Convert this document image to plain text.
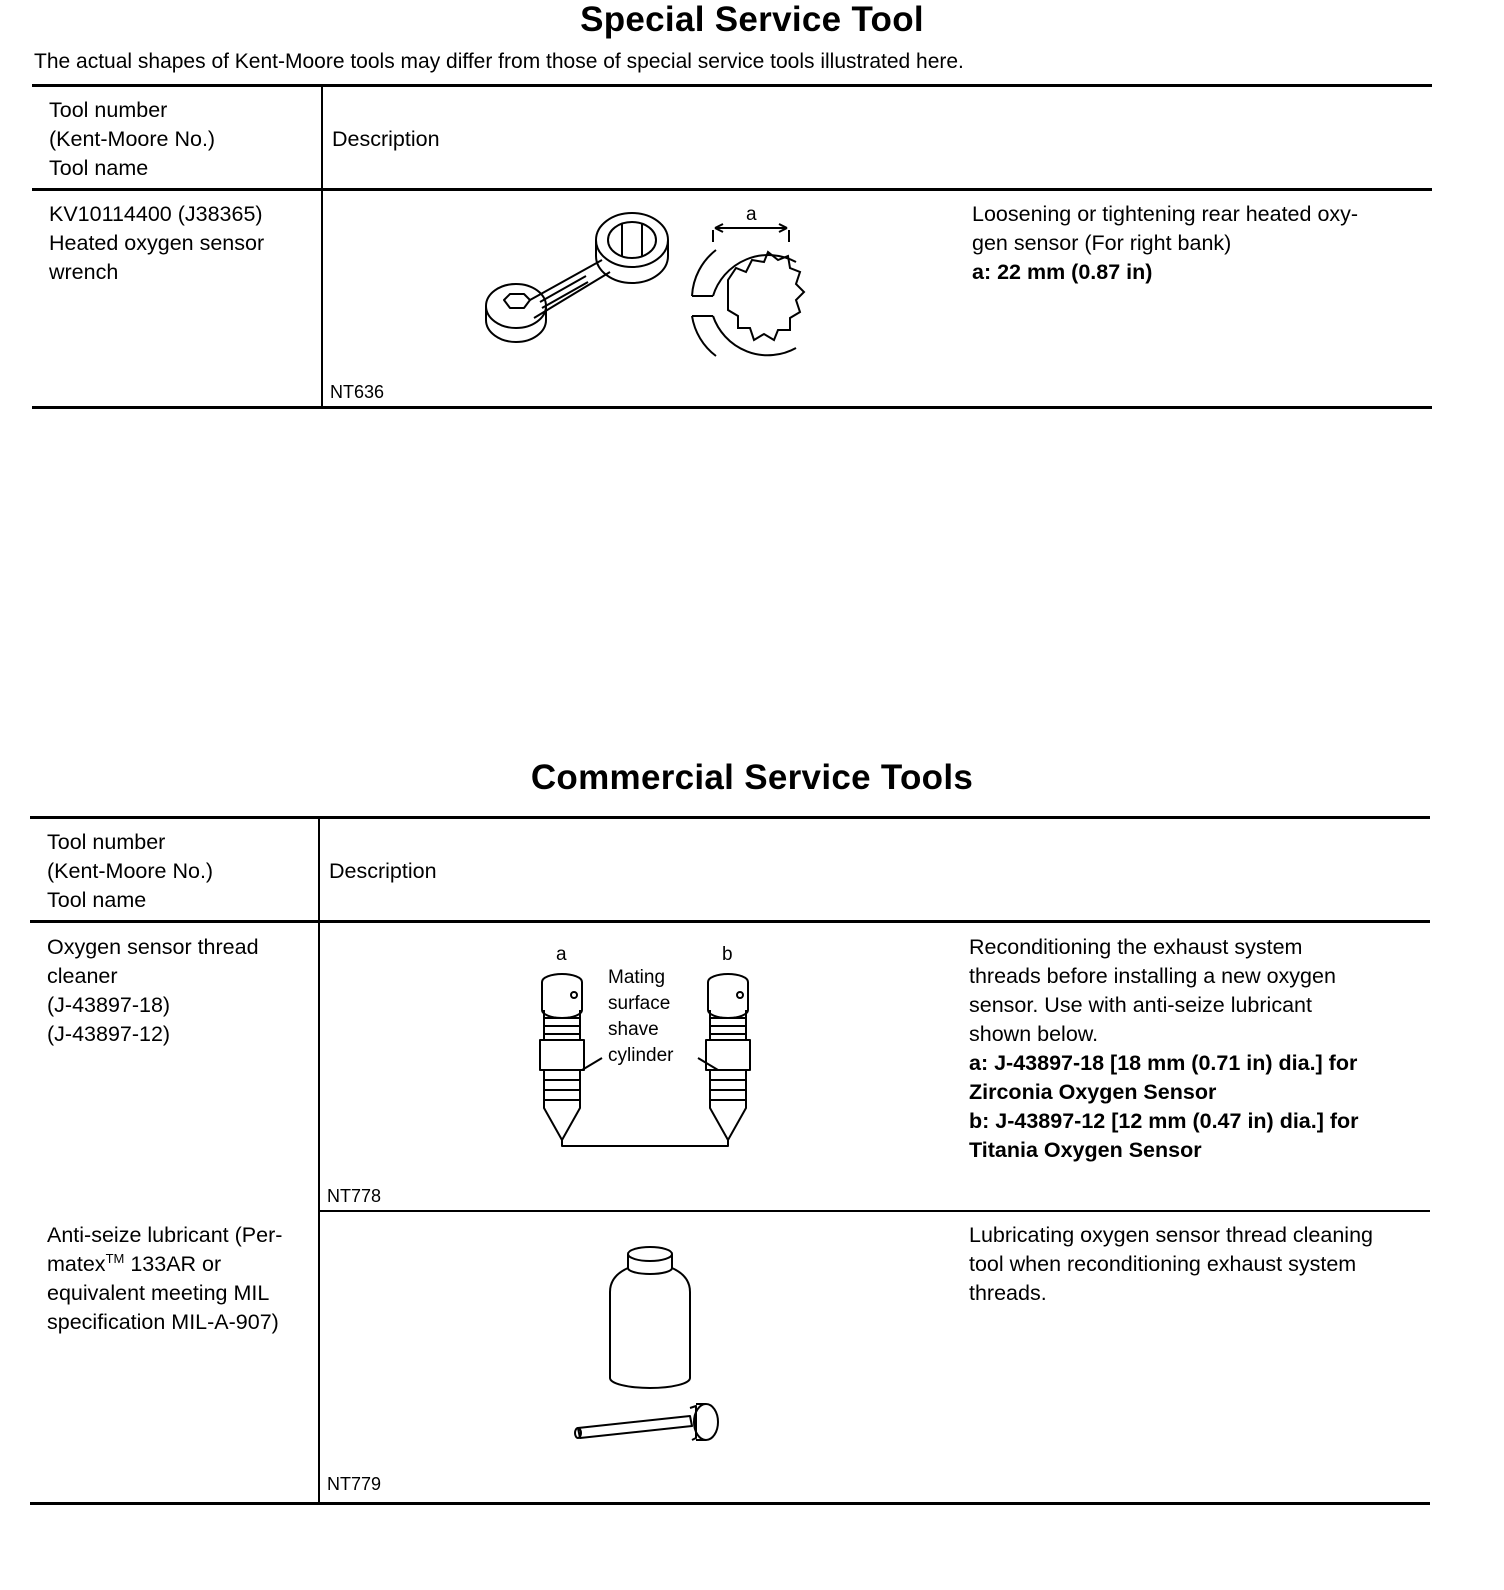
Special Service Tool
The actual shapes of Kent-Moore tools may differ from those of special service tools illustrated here.
Tool number
(Kent-Moore No.)
Tool name
Description
KV10114400 (J38365)
Heated oxygen sensor
wrench
a
NT636
Loosening or tightening rear heated oxy-
gen sensor (For right bank)
a: 22 mm (0.87 in)
Commercial Service Tools
Tool number
(Kent-Moore No.)
Tool name
Description
Oxygen sensor thread
cleaner
(J-43897-18)
(J-43897-12)
a	b
Mating
surface
shave
cylinder
NT778
Reconditioning the exhaust system
threads before installing a new oxygen
sensor. Use with anti-seize lubricant
shown below.
a: J-43897-18 [18 mm (0.71 in) dia.] for
Zirconia Oxygen Sensor
b: J-43897-12 [12 mm (0.47 in) dia.] for
Titania Oxygen Sensor
Anti-seize lubricant (Per-
matex™ 133AR or
equivalent meeting MIL
specification MIL-A-907)
NT779
Lubricating oxygen sensor thread cleaning
tool when reconditioning exhaust system
threads.
